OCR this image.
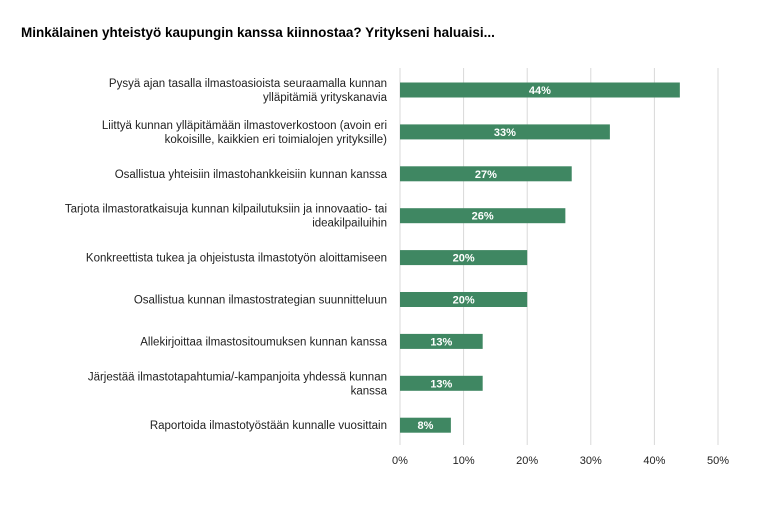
Minkälainen yhteistyö kaupungin kanssa kiinnostaa? Yritykseni haluaisi...
0%	10%	20%	30%	40%	50%
44%
Pysyä ajan tasalla ilmastoasioista seuraamalla kunnan
ylläpitämiä yrityskanavia
33%
Liittyä kunnan ylläpitämään ilmastoverkostoon (avoin eri
kokoisille, kaikkien eri toimialojen yrityksille)
27%
Osallistua yhteisiin ilmastohankkeisiin kunnan kanssa
26%
Tarjota ilmastoratkaisuja kunnan kilpailutuksiin ja innovaatio- tai
ideakilpailuihin
20%
Konkreettista tukea ja ohjeistusta ilmastotyön aloittamiseen
20%
Osallistua kunnan ilmastostrategian suunnitteluun
13%
Allekirjoittaa ilmastositoumuksen kunnan kanssa
13%
Järjestää ilmastotapahtumia/-kampanjoita yhdessä kunnan
kanssa
8%
Raportoida ilmastotyöstään kunnalle vuosittain
